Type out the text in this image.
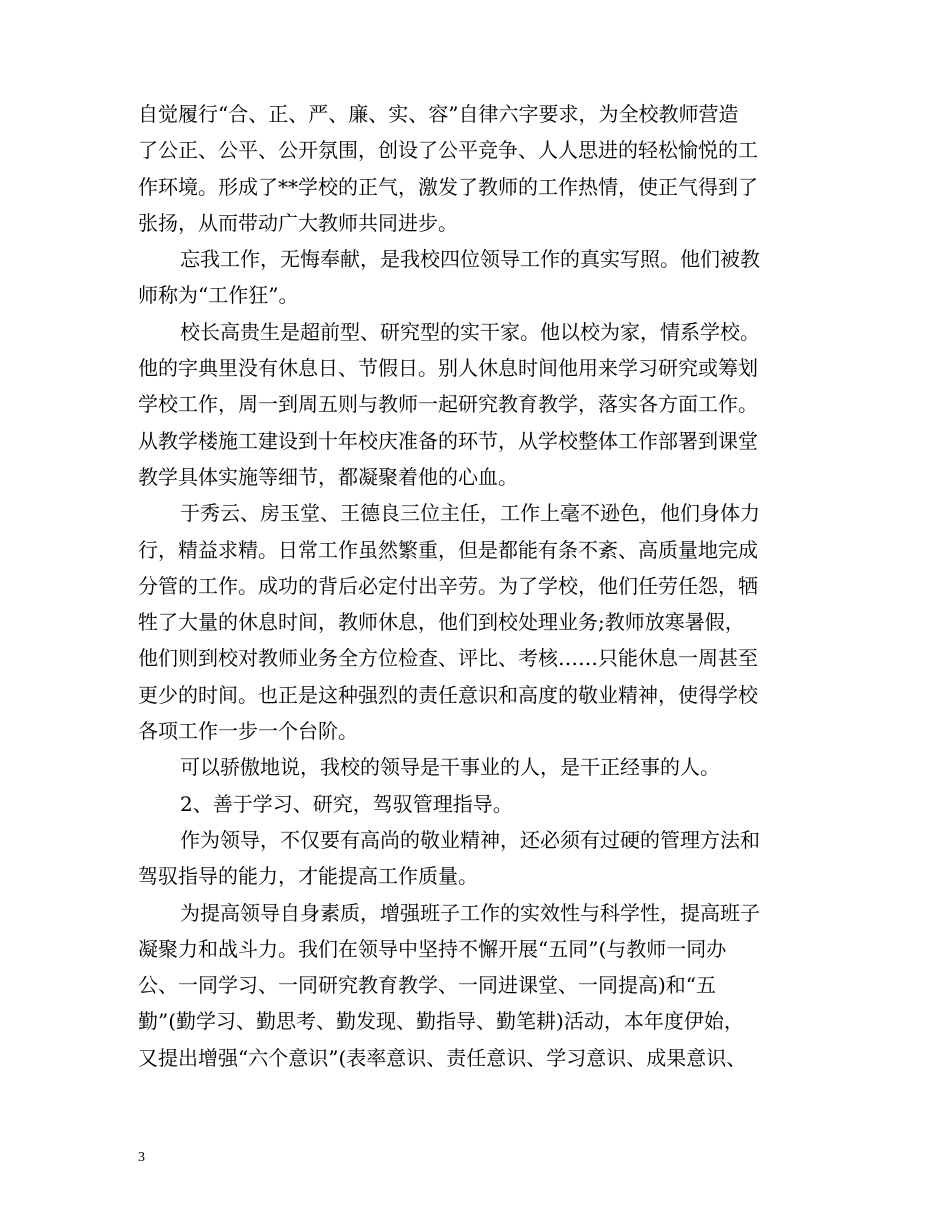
自觉履行“合、正、严、廉、实、容”自律六字要求，为全校教师营造
了公正、公平、公开氛围，创设了公平竞争、人人思进的轻松愉悦的工
作环境。形成了**学校的正气，激发了教师的工作热情，使正气得到了
张扬，从而带动广大教师共同进步。
忘我工作，无悔奉献，是我校四位领导工作的真实写照。他们被教
师称为“工作狂”。
校长高贵生是超前型、研究型的实干家。他以校为家，情系学校。
他的字典里没有休息日、节假日。别人休息时间他用来学习研究或筹划
学校工作，周一到周五则与教师一起研究教育教学，落实各方面工作。
从教学楼施工建设到十年校庆准备的环节，从学校整体工作部署到课堂
教学具体实施等细节，都凝聚着他的心血。
于秀云、房玉堂、王德良三位主任，工作上毫不逊色，他们身体力
行，精益求精。日常工作虽然繁重，但是都能有条不紊、高质量地完成
分管的工作。成功的背后必定付出辛劳。为了学校，他们任劳任怨，牺
牲了大量的休息时间，教师休息，他们到校处理业务;教师放寒暑假，
他们则到校对教师业务全方位检查、评比、考核……只能休息一周甚至
更少的时间。也正是这种强烈的责任意识和高度的敬业精神，使得学校
各项工作一步一个台阶。
可以骄傲地说，我校的领导是干事业的人，是干正经事的人。
2、善于学习、研究，驾驭管理指导。
作为领导，不仅要有高尚的敬业精神，还必须有过硬的管理方法和
驾驭指导的能力，才能提高工作质量。
为提高领导自身素质，增强班子工作的实效性与科学性，提高班子
凝聚力和战斗力。我们在领导中坚持不懈开展“五同”(与教师一同办
公、一同学习、一同研究教育教学、一同进课堂、一同提高)和“五
勤”(勤学习、勤思考、勤发现、勤指导、勤笔耕)活动，本年度伊始，
又提出增强“六个意识”(表率意识、责任意识、学习意识、成果意识、
3
